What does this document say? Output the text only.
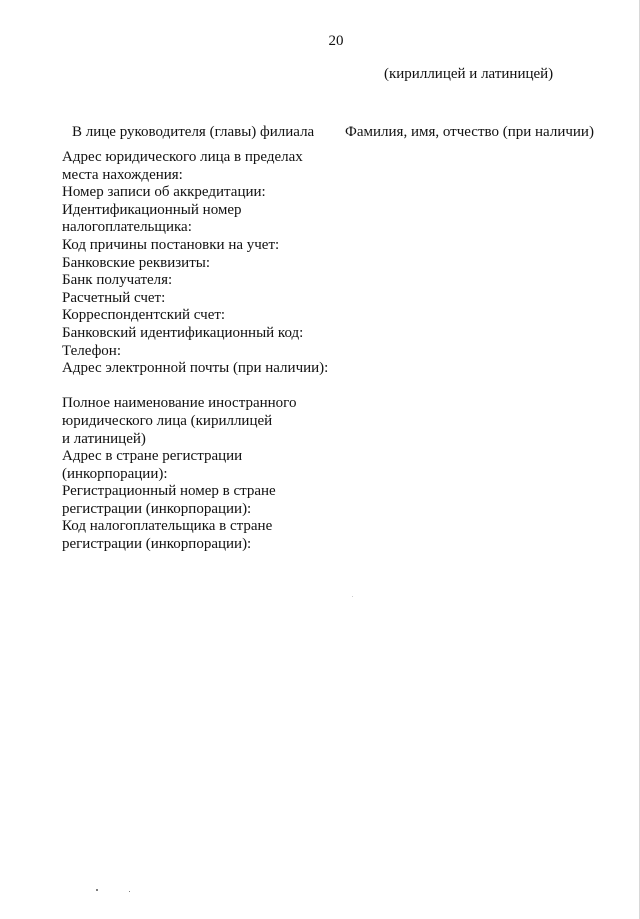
20
(кириллицей и латиницей)
В лице руководителя (главы) филиала Фамилия, имя, отчество (при наличии)
Адрес юридического лица в пределах
места нахождения:
Номер записи об аккредитации:
Идентификационный номер
налогоплательщика:
Код причины постановки на учет:
Банковские реквизиты:
Банк получателя:
Расчетный счет:
Корреспондентский счет:
Банковский идентификационный код:
Телефон:
Адрес электронной почты (при наличии):
Полное наименование иностранного
юридического лица (кириллицей
и латиницей)
Адрес в стране регистрации
(инкорпорации):
Регистрационный номер в стране
регистрации (инкорпорации):
Код налогоплательщика в стране
регистрации (инкорпорации):
